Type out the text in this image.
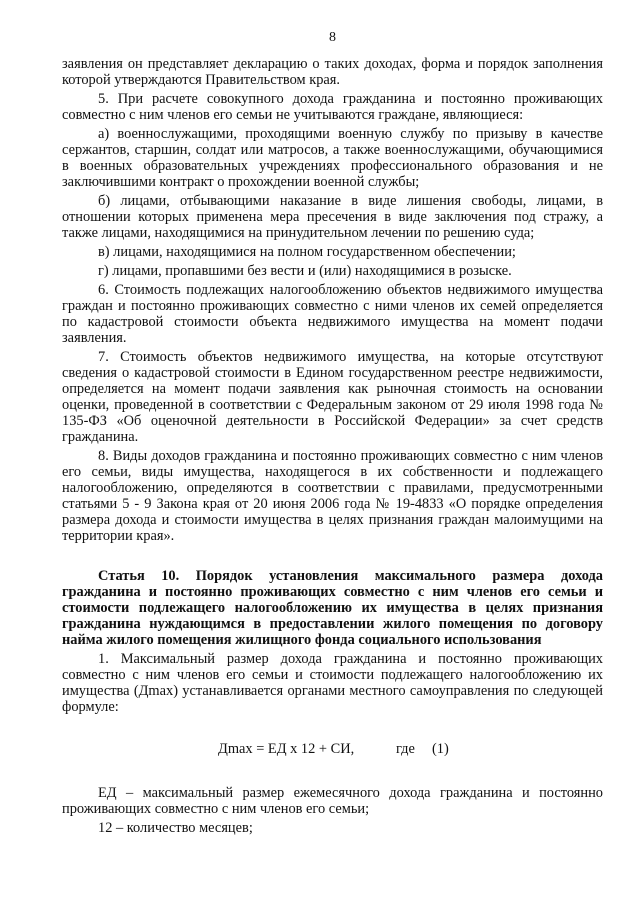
8

заявления он представляет декларацию о таких доходах, форма и порядок заполнения которой утверждаются Правительством края.

5. При расчете совокупного дохода гражданина и постоянно проживающих совместно с ним членов его семьи не учитываются граждане, являющиеся:

а) военнослужащими, проходящими военную службу по призыву в качестве сержантов, старшин, солдат или матросов, а также военнослужащими, обучающимися в военных образовательных учреждениях профессионального образования и не заключившими контракт о прохождении военной службы;

б) лицами, отбывающими наказание в виде лишения свободы, лицами, в отношении которых применена мера пресечения в виде заключения под стражу, а также лицами, находящимися на принудительном лечении по решению суда;

в) лицами, находящимися на полном государственном обеспечении;

г) лицами, пропавшими без вести и (или) находящимися в розыске.

6. Стоимость подлежащих налогообложению объектов недвижимого имущества граждан и постоянно проживающих совместно с ними членов их семей определяется по кадастровой стоимости объекта недвижимого имущества на момент подачи заявления.

7. Стоимость объектов недвижимого имущества, на которые отсутствуют сведения о кадастровой стоимости в Едином государственном реестре недвижимости, определяется на момент подачи заявления как рыночная стоимость на основании оценки, проведенной в соответствии с Федеральным законом от 29 июля 1998 года № 135-ФЗ «Об оценочной деятельности в Российской Федерации» за счет средств гражданина.

8. Виды доходов гражданина и постоянно проживающих совместно с ним членов его семьи, виды имущества, находящегося в их собственности и подлежащего налогообложению, определяются в соответствии с правилами, предусмотренными статьями 5 - 9 Закона края от 20 июня 2006 года № 19-4833 «О порядке определения размера дохода и стоимости имущества в целях признания граждан малоимущими на территории края».

Статья 10. Порядок установления максимального размера дохода гражданина и постоянно проживающих совместно с ним членов его семьи и стоимости подлежащего налогообложению их имущества в целях признания гражданина нуждающимся в предоставлении жилого помещения по договору найма жилого помещения жилищного фонда социального использования

1. Максимальный размер дохода гражданина и постоянно проживающих совместно с ним членов его семьи и стоимости подлежащего налогообложению их имущества (Дmax) устанавливается органами местного самоуправления по следующей формуле:

Дmax = ЕД х 12 + СИ,	где (1)

ЕД – максимальный размер ежемесячного дохода гражданина и постоянно проживающих совместно с ним членов его семьи;

12 – количество месяцев;
